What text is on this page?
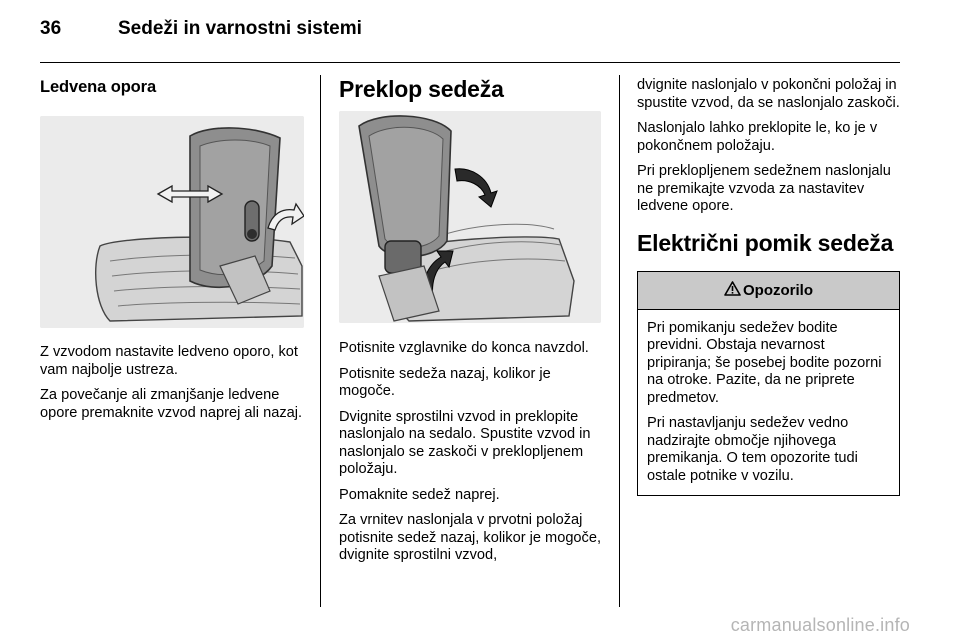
36	Sedeži in varnostni sistemi
Ledvena opora

Z vzvodom nastavite ledveno oporo, kot vam najbolje ustreza.

Za povečanje ali zmanjšanje ledvene opore premaknite vzvod naprej ali nazaj.

Preklop sedeža

Potisnite vzglavnike do konca navzdol.

Potisnite sedeža nazaj, kolikor je mogoče.

Dvignite sprostilni vzvod in preklopite naslonjalo na sedalo. Spustite vzvod in naslonjalo se zaskoči v preklopljenem položaju.

Pomaknite sedež naprej.

Za vrnitev naslonjala v prvotni položaj potisnite sedež nazaj, kolikor je mogoče, dvignite sprostilni vzvod,

dvignite naslonjalo v pokončni položaj in spustite vzvod, da se naslonjalo zaskoči.

Naslonjalo lahko preklopite le, ko je v pokončnem položaju.

Pri preklopljenem sedežnem naslonjalu ne premikajte vzvoda za nastavitev ledvene opore.

Električni pomik sedeža
Opozorilo

Pri pomikanju sedežev bodite previdni. Obstaja nevarnost pripiranja; še posebej bodite pozorni na otroke. Pazite, da ne priprete predmetov.

Pri nastavljanju sedežev vedno nadzirajte območje njihovega premikanja. O tem opozorite tudi ostale potnike v vozilu.

carmanualsonline.info
